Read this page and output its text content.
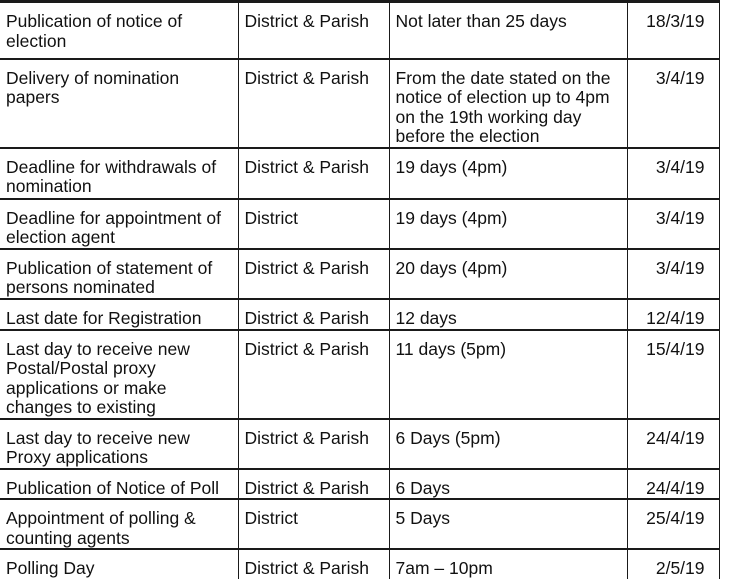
Publication of notice of election	District & Parish	Not later than 25 days	18/3/19
Delivery of nomination papers	District & Parish	From the date stated on the notice of election up to 4pm on the 19th working day before the election	3/4/19
Deadline for withdrawals of nomination	District & Parish	19 days (4pm)	3/4/19
Deadline for appointment of election agent	District	19 days (4pm)	3/4/19
Publication of statement of persons nominated	District & Parish	20 days (4pm)	3/4/19
Last date for Registration	District & Parish	12 days	12/4/19
Last day to receive new Postal/Postal proxy applications or make changes to existing	District & Parish	11 days (5pm)	15/4/19
Last day to receive new Proxy applications	District & Parish	6 Days (5pm)	24/4/19
Publication of Notice of Poll	District & Parish	6 Days	24/4/19
Appointment of polling & counting agents	District	5 Days	25/4/19
Polling Day	District & Parish	7am – 10pm	2/5/19
